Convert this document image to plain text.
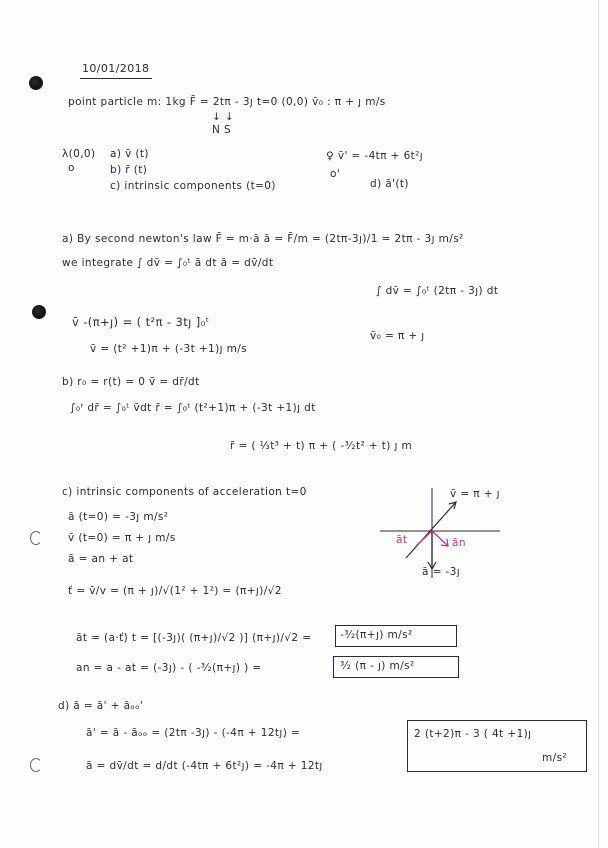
10/01/2018
point particle m: 1kg F̄ = 2tπ - 3ȷ t=0 (0,0) v̄₀ : π + ȷ m/s
↓ ↓
N S
λ(0,0)
o
a) v̄ (t)
b) r̄ (t)
c) intrinsic components (t=0)
♀ v̄' = -4tπ + 6t²ȷ
o'
d) ā'(t)
a) By second newton's law F̄ = m·ā ā = F̄/m = (2tπ-3ȷ)/1 = 2tπ - 3ȷ m/s²
we integrate ∫ dv̄ = ∫₀ᵗ ā dt ā = dv̄/dt
∫ dv̄ = ∫₀ᵗ (2tπ - 3ȷ) dt
v̄ -(π+ȷ) = ( t²π - 3tȷ ]₀ᵗ
v̄₀ = π + ȷ
v̄ = (t² +1)π + (-3t +1)ȷ m/s
b) r₀ = r(t) = 0 v̄ = dr̄/dt
∫₀ʳ dr̄ = ∫₀ᵗ v̄dt r̄ = ∫₀ᵗ (t²+1)π + (-3t +1)ȷ dt
r̄ = ( ⅓t³ + t) π + ( -³⁄₂t² + t) ȷ m
c) intrinsic components of acceleration t=0
ā (t=0) = -3ȷ m/s²
v̄ (t=0) = π + ȷ m/s
ā = an + at
ť = v̄/v = (π + ȷ)/√(1² + 1²) = (π+ȷ)/√2
āt = (a·ť) t = [(-3ȷ)( (π+ȷ)/√2 )] (π+ȷ)/√2 =	-³⁄₂(π+ȷ) m/s²
an = a - at = (-3ȷ) - ( -³⁄₂(π+ȷ) ) =	³⁄₂ (π - ȷ) m/s²
v̄ = π + ȷ
āt	ān
ā = -3ȷ
d) ā = ā' + āₒₒ'
ā' = ā - āₒₒ = (2tπ -3ȷ) - (-4π + 12tȷ) =	2 (t+2)π - 3 ( 4t +1)ȷ
m/s²
ā = dv̄/dt = d/dt (-4tπ + 6t²ȷ) = -4π + 12tȷ
